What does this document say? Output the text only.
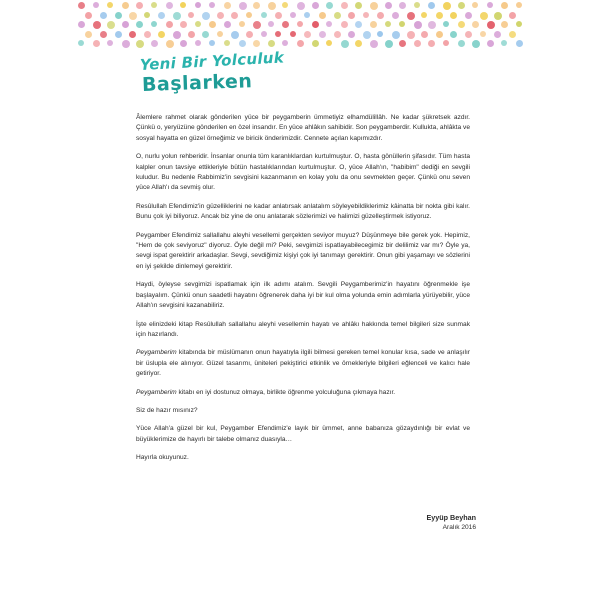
Yeni Bir Yolculuk
Başlarken

Âlemlere rahmet olarak gönderilen yüce bir peygamberin ümmetiyiz elhamdülillâh. Ne kadar şükretsek azdır. Çünkü o, yeryüzüne gönderilen en özel insandır. En yüce ahlâkın sahibidir. Son peygamberdir. Kullukta, ahlâkta ve sosyal hayatta en güzel örneğimiz ve biricik önderimizdir. Cennete açılan kapımızdır.

O, nurlu yolun rehberidir. İnsanlar onunla tüm karanlıklardan kurtulmuştur. O, hasta gönüllerin şifasıdır. Tüm hasta kalpler onun tavsiye ettikleriyle bütün hastalıklarından kurtulmuştur. O, yüce Allah'ın, "habibim" dediği en sevgili kuludur. Bu nedenle Rabbimiz'in sevgisini kazanmanın en kolay yolu da onu sevmekten geçer. Çünkü onu seven yüce Allah'ı da sevmiş olur.

Resûlullah Efendimiz'in güzelliklerini ne kadar anlatırsak anlatalım söyleyebildiklerimiz kâinatta bir nokta gibi kalır. Bunu çok iyi biliyoruz. Ancak biz yine de onu anlatarak sözlerimizi ve halimizi güzelleştirmek istiyoruz.

Peygamber Efendimiz sallallahu aleyhi vesellemi gerçekten seviyor muyuz? Düşünmeye bile gerek yok. Hepimiz, "Hem de çok seviyoruz" diyoruz. Öyle değil mi? Peki, sevgimizi ispatlayabilecegimiz bir delilimiz var mı? Öyle ya, sevgi ispat gerektirir arkadaşlar. Sevgi, sevdiğimiz kişiyi çok iyi tanımayı gerektirir. Onun gibi yaşamayı ve sözlerini en iyi şekilde dinlemeyi gerektirir.

Haydi, öyleyse sevgimizi ispatlamak için ilk adımı atalım. Sevgili Peygamberimiz'in hayatını öğrenmekle işe başlayalım. Çünkü onun saadetli hayatını öğrenerek daha iyi bir kul olma yolunda emin adımlarla yürüyebilir, yüce Allah'ın sevgisini kazanabiliriz.

İşte elinizdeki kitap Resûlullah sallallahu aleyhi vesellemin hayatı ve ahlâkı hakkında temel bilgileri size sunmak için hazırlandı.

Peygamberim kitabında bir müslümanın onun hayatıyla ilgili bilmesi gereken temel konular kısa, sade ve anlaşılır bir üslupla ele alınıyor. Güzel tasarımı, üniteleri pekiştirici etkinlik ve örnekleriyle bilgileri eğlenceli ve kalıcı hale getiriyor.

Peygamberim kitabı en iyi dostunuz olmaya, birlikte öğrenme yolculuğuna çıkmaya hazır.

Siz de hazır mısınız?

Yüce Allah'a güzel bir kul, Peygamber Efendimiz'e layık bir ümmet, anne babanıza gözaydınlığı bir evlat ve büyüklerimize de hayırlı bir talebe olmanız duasıyla…

Hayırla okuyunuz.

Eyyüp Beyhan
Aralık 2016
